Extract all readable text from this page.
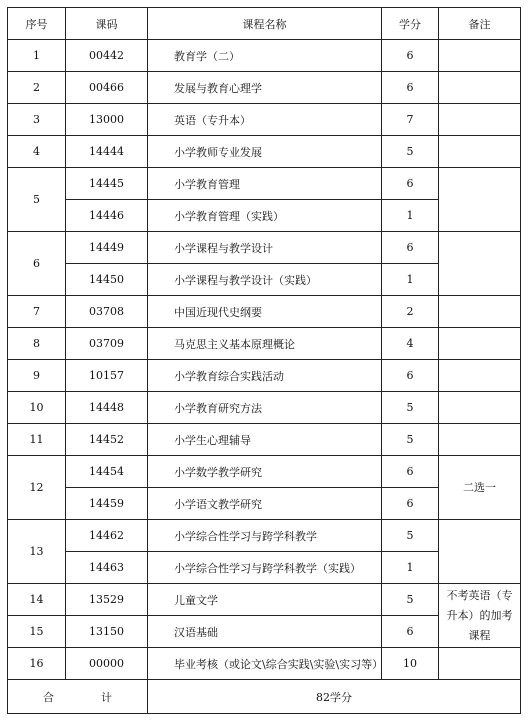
序号	课码	课程名称	学分	备注
1	00442	教育学（二）	6	
2	00466	发展与教育心理学	6	
3	13000	英语（专升本）	7	
4	14444	小学教师专业发展	5	
5	14445	小学教育管理	6	
	14446	小学教育管理（实践）	1	
6	14449	小学课程与教学设计	6	
	14450	小学课程与教学设计（实践）	1	
7	03708	中国近现代史纲要	2	
8	03709	马克思主义基本原理概论	4	
9	10157	小学教育综合实践活动	6	
10	14448	小学教育研究方法	5	
11	14452	小学生心理辅导	5	
12	14454	小学数学教学研究	6	二选一
	14459	小学语文教学研究	6	
13	14462	小学综合性学习与跨学科教学	5	
	14463	小学综合性学习与跨学科教学（实践）	1	
14	13529	儿童文学	5	不考英语（专升本）的加考课程
15	13150	汉语基础	6	
16	00000	毕业考核（或论文\综合实践\实验\实习等）	10	
合 计		82学分		
